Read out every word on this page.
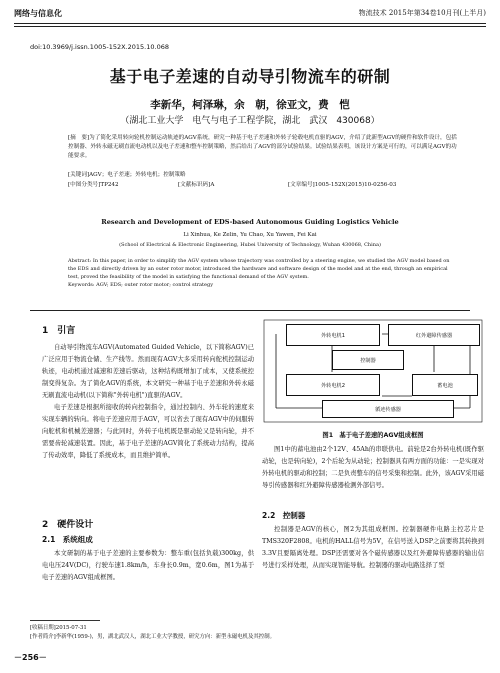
网络与信息化	物流技术 2015年第34卷10月刊(上半月)
doi:10.3969/j.issn.1005-152X.2015.10.068
基于电子差速的自动导引物流车的研制
李新华，柯泽琳，余　朝，徐亚文，费　恺
（湖北工业大学　电气与电子工程学院，湖北　武汉　430068）
[摘　要]为了简化采用转向轮机控制运动轨迹的AGV系统，研究一种基于电子差速和外转子轮毂电机直驱的AGV，介绍了此新型AGV的硬件和软件设计，包括控制器、外转永磁无刷直流电动机以及电子差速和整车控制策略，然后给出了AGV的部分试验结果。试验结果表明，该设计方案是可行的，可以满足AGV的功能要求。
[关键词]AGV；电子差速；外转电机；控制策略
[中图分类号]TP242	[文献标识码]A	[文章编号]1005-152X(2015)10-0256-03
Research and Development of EDS-based Autonomous Guiding Logistics Vehicle
Li Xinhua, Ke Zelin, Yu Chao, Xu Yawen, Fei Kai
(School of Electrical & Electronic Engineering, Hubei University of Technology, Wuhan 430068, China)
Abstract: In this paper, in order to simplify the AGV system whose trajectory was controlled by a steering engine, we studied the AGV model based on the EDS and directly driven by an outer rotor motor, introduced the hardware and software design of the model and at the end, through an empirical test, proved the feasibility of the model in satisfying the functional demand of the AGV system.
Keywords: AGV; EDS; outer rotor motor; control strategy
1　引言

自动导引物流车AGV(Automated Guided Vehicle，以下简称AGV)已广泛应用于物流仓储、生产线等。然而现有AGV大多采用转向舵机控制运动轨迹，电动机通过减速和差速后驱动，这种结构既增加了成本，又使系统控制变得复杂。为了简化AGV的系统，本文研究一种基于电子差速和外转永磁无刷直流电动机(以下简称"外转电机")直驱的AGV。

电子差速是根据所接收的转向控制指令，通过控制内、外车轮的速度来实现车辆的转向。将电子差速应用于AGV，可以省去了现有AGV中的伺服转向舵机和机械差速器；与此同时，外转子电机既是驱动轮又是转向轮，并不需要齿轮减速装置。因此，基于电子差速的AGV简化了系统动力结构，提高了传动效率，降低了系统成本，而且维护简单。

2　硬件设计
2.1　系统组成

本文研制的基于电子差速的主要参数为：整车重(包括负载)300kg，供电电压24V(DC)，行驶车速1.8km/h，车身长0.9m，宽0.6m，图1为基于电子差速的AGV组成框图。

外转电机1	红外避障传感器
外转电机2	蓄电池
控制器
循迹传感器
图1　基于电子差速的AGV组成框图

图1中的蓄电池由2个12V、45Ah的串联供电。前轮是2台外转电机(既作驱动轮，也是转向轮)，2个后轮为从动轮；控制器具有两方面的功能：一是实现对外转电机的驱动和控制；二是负责整车的信号采集和控制。此外，该AGV采用磁导引传感器和红外避障传感器检测外部信号。

2.2　控制器

控制器是AGV的核心，图2为其组成框图。控制器硬件电路主控芯片是TMS320F2808。电机的HALL信号为5V，在信号送入DSP之前要将其转换到3.3V且要隔离处理。DSP还需要对各个磁传感器以及红外避障传感器的输出信号进行采样处理，从而实现智能导航。控制器的驱动电路选择了型

[收稿日期]2015-07-31
[作者简介]李新华(1959-)，男，湖北武汉人，湖北工业大学教授，研究方向：新型永磁电机及其控制。
－256－
